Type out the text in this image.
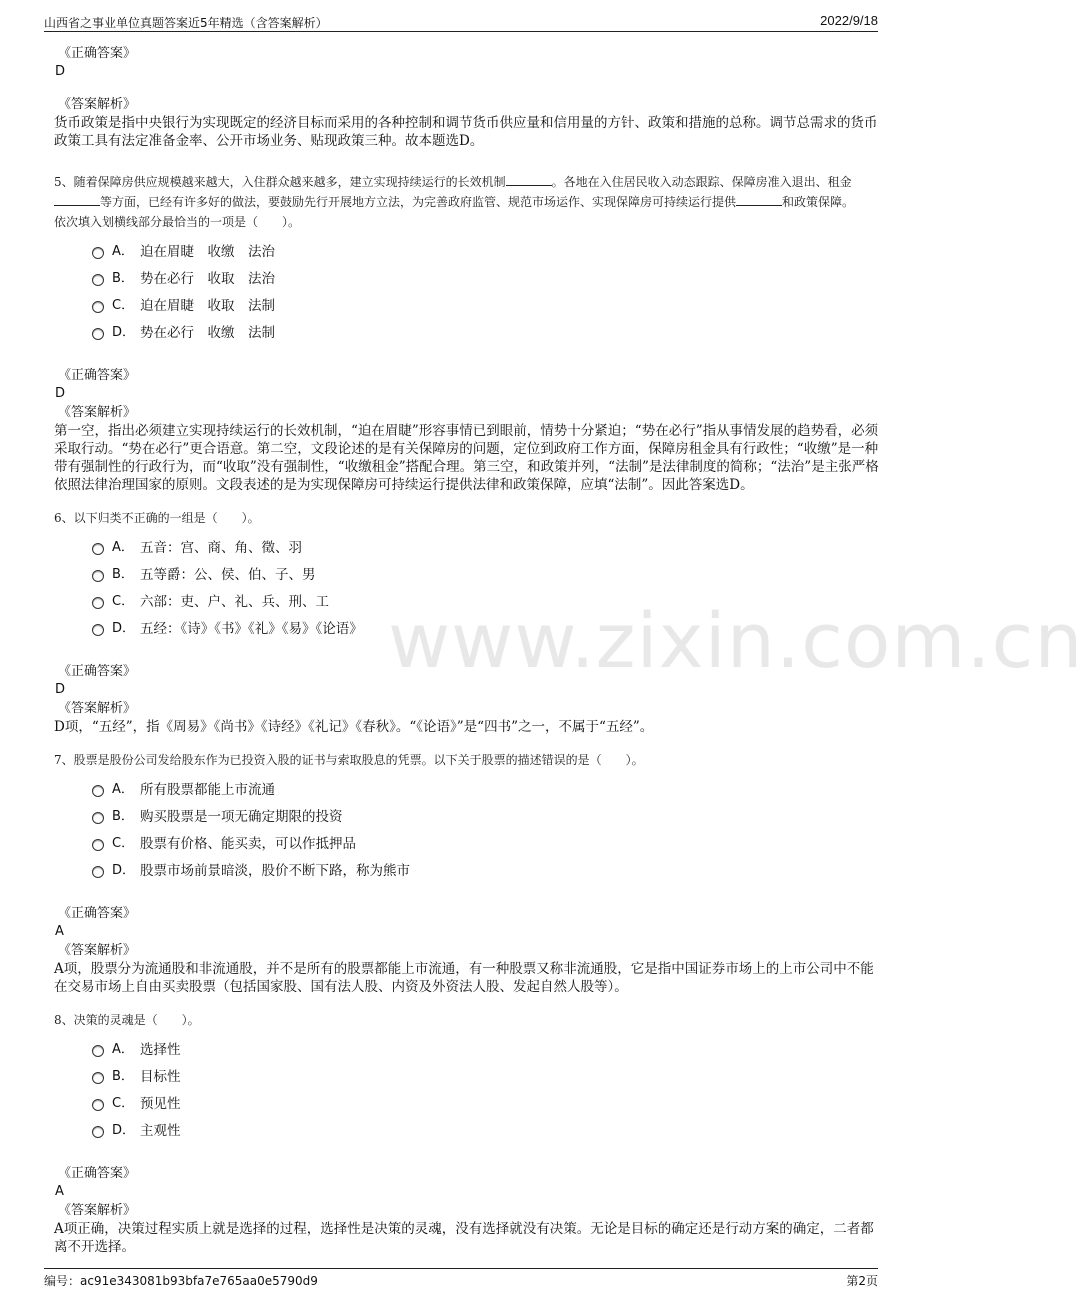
山西省之事业单位真题答案近5年精选（含答案解析）	2022/9/18
www.zixin.com.cn
《正确答案》
D
《答案解析》
货币政策是指中央银行为实现既定的经济目标而采用的各种控制和调节货币供应量和信用量的方针、政策和措施的总称。调节总需求的货币政策工具有法定准备金率、公开市场业务、贴现政策三种。故本题选D。
5、随着保障房供应规模越来越大，入住群众越来越多，建立实现持续运行的长效机制	。各地在入住居民收入动态跟踪、保障房准入退出、租金等方面，已经有许多好的做法，要鼓励先行开展地方立法，为完善政府监管、规范市场运作、实现保障房可持续运行提供	和政策保障。
依次填入划横线部分最恰当的一项是（　　）。
A． 迫在眉睫　收缴　法治
B． 势在必行　收取　法治
C． 迫在眉睫　收取　法制
D． 势在必行　收缴　法制
《正确答案》
D
《答案解析》
第一空，指出必须建立实现持续运行的长效机制，“迫在眉睫”形容事情已到眼前，情势十分紧迫；“势在必行”指从事情发展的趋势看，必须采取行动。“势在必行”更合语意。第二空，文段论述的是有关保障房的问题，定位到政府工作方面，保障房租金具有行政性；“收缴”是一种带有强制性的行政行为，而“收取”没有强制性，“收缴租金”搭配合理。第三空，和政策并列，“法制”是法律制度的简称；“法治”是主张严格依照法律治理国家的原则。文段表述的是为实现保障房可持续运行提供法律和政策保障，应填“法制”。因此答案选D。
6、以下归类不正确的一组是（　　）。
A． 五音：宫、商、角、徵、羽
B． 五等爵：公、侯、伯、子、男
C． 六部：吏、户、礼、兵、刑、工
D． 五经：《诗》《书》《礼》《易》《论语》
《正确答案》
D
《答案解析》
D项，“五经”，指《周易》《尚书》《诗经》《礼记》《春秋》。“《论语》”是“四书”之一，不属于“五经”。
7、股票是股份公司发给股东作为已投资入股的证书与索取股息的凭票。以下关于股票的描述错误的是（　　）。
A． 所有股票都能上市流通
B． 购买股票是一项无确定期限的投资
C． 股票有价格、能买卖，可以作抵押品
D． 股票市场前景暗淡，股价不断下路，称为熊市
《正确答案》
A
《答案解析》
A项，股票分为流通股和非流通股，并不是所有的股票都能上市流通，有一种股票又称非流通股，它是指中国证券市场上的上市公司中不能在交易市场上自由买卖股票（包括国家股、国有法人股、内资及外资法人股、发起自然人股等）。
8、决策的灵魂是（　　）。
A． 选择性
B． 目标性
C． 预见性
D． 主观性
《正确答案》
A
《答案解析》
A项正确，决策过程实质上就是选择的过程，选择性是决策的灵魂，没有选择就没有决策。无论是目标的确定还是行动方案的确定，二者都离不开选择。
编号：ac91e343081b93bfa7e765aa0e5790d9	第2页
